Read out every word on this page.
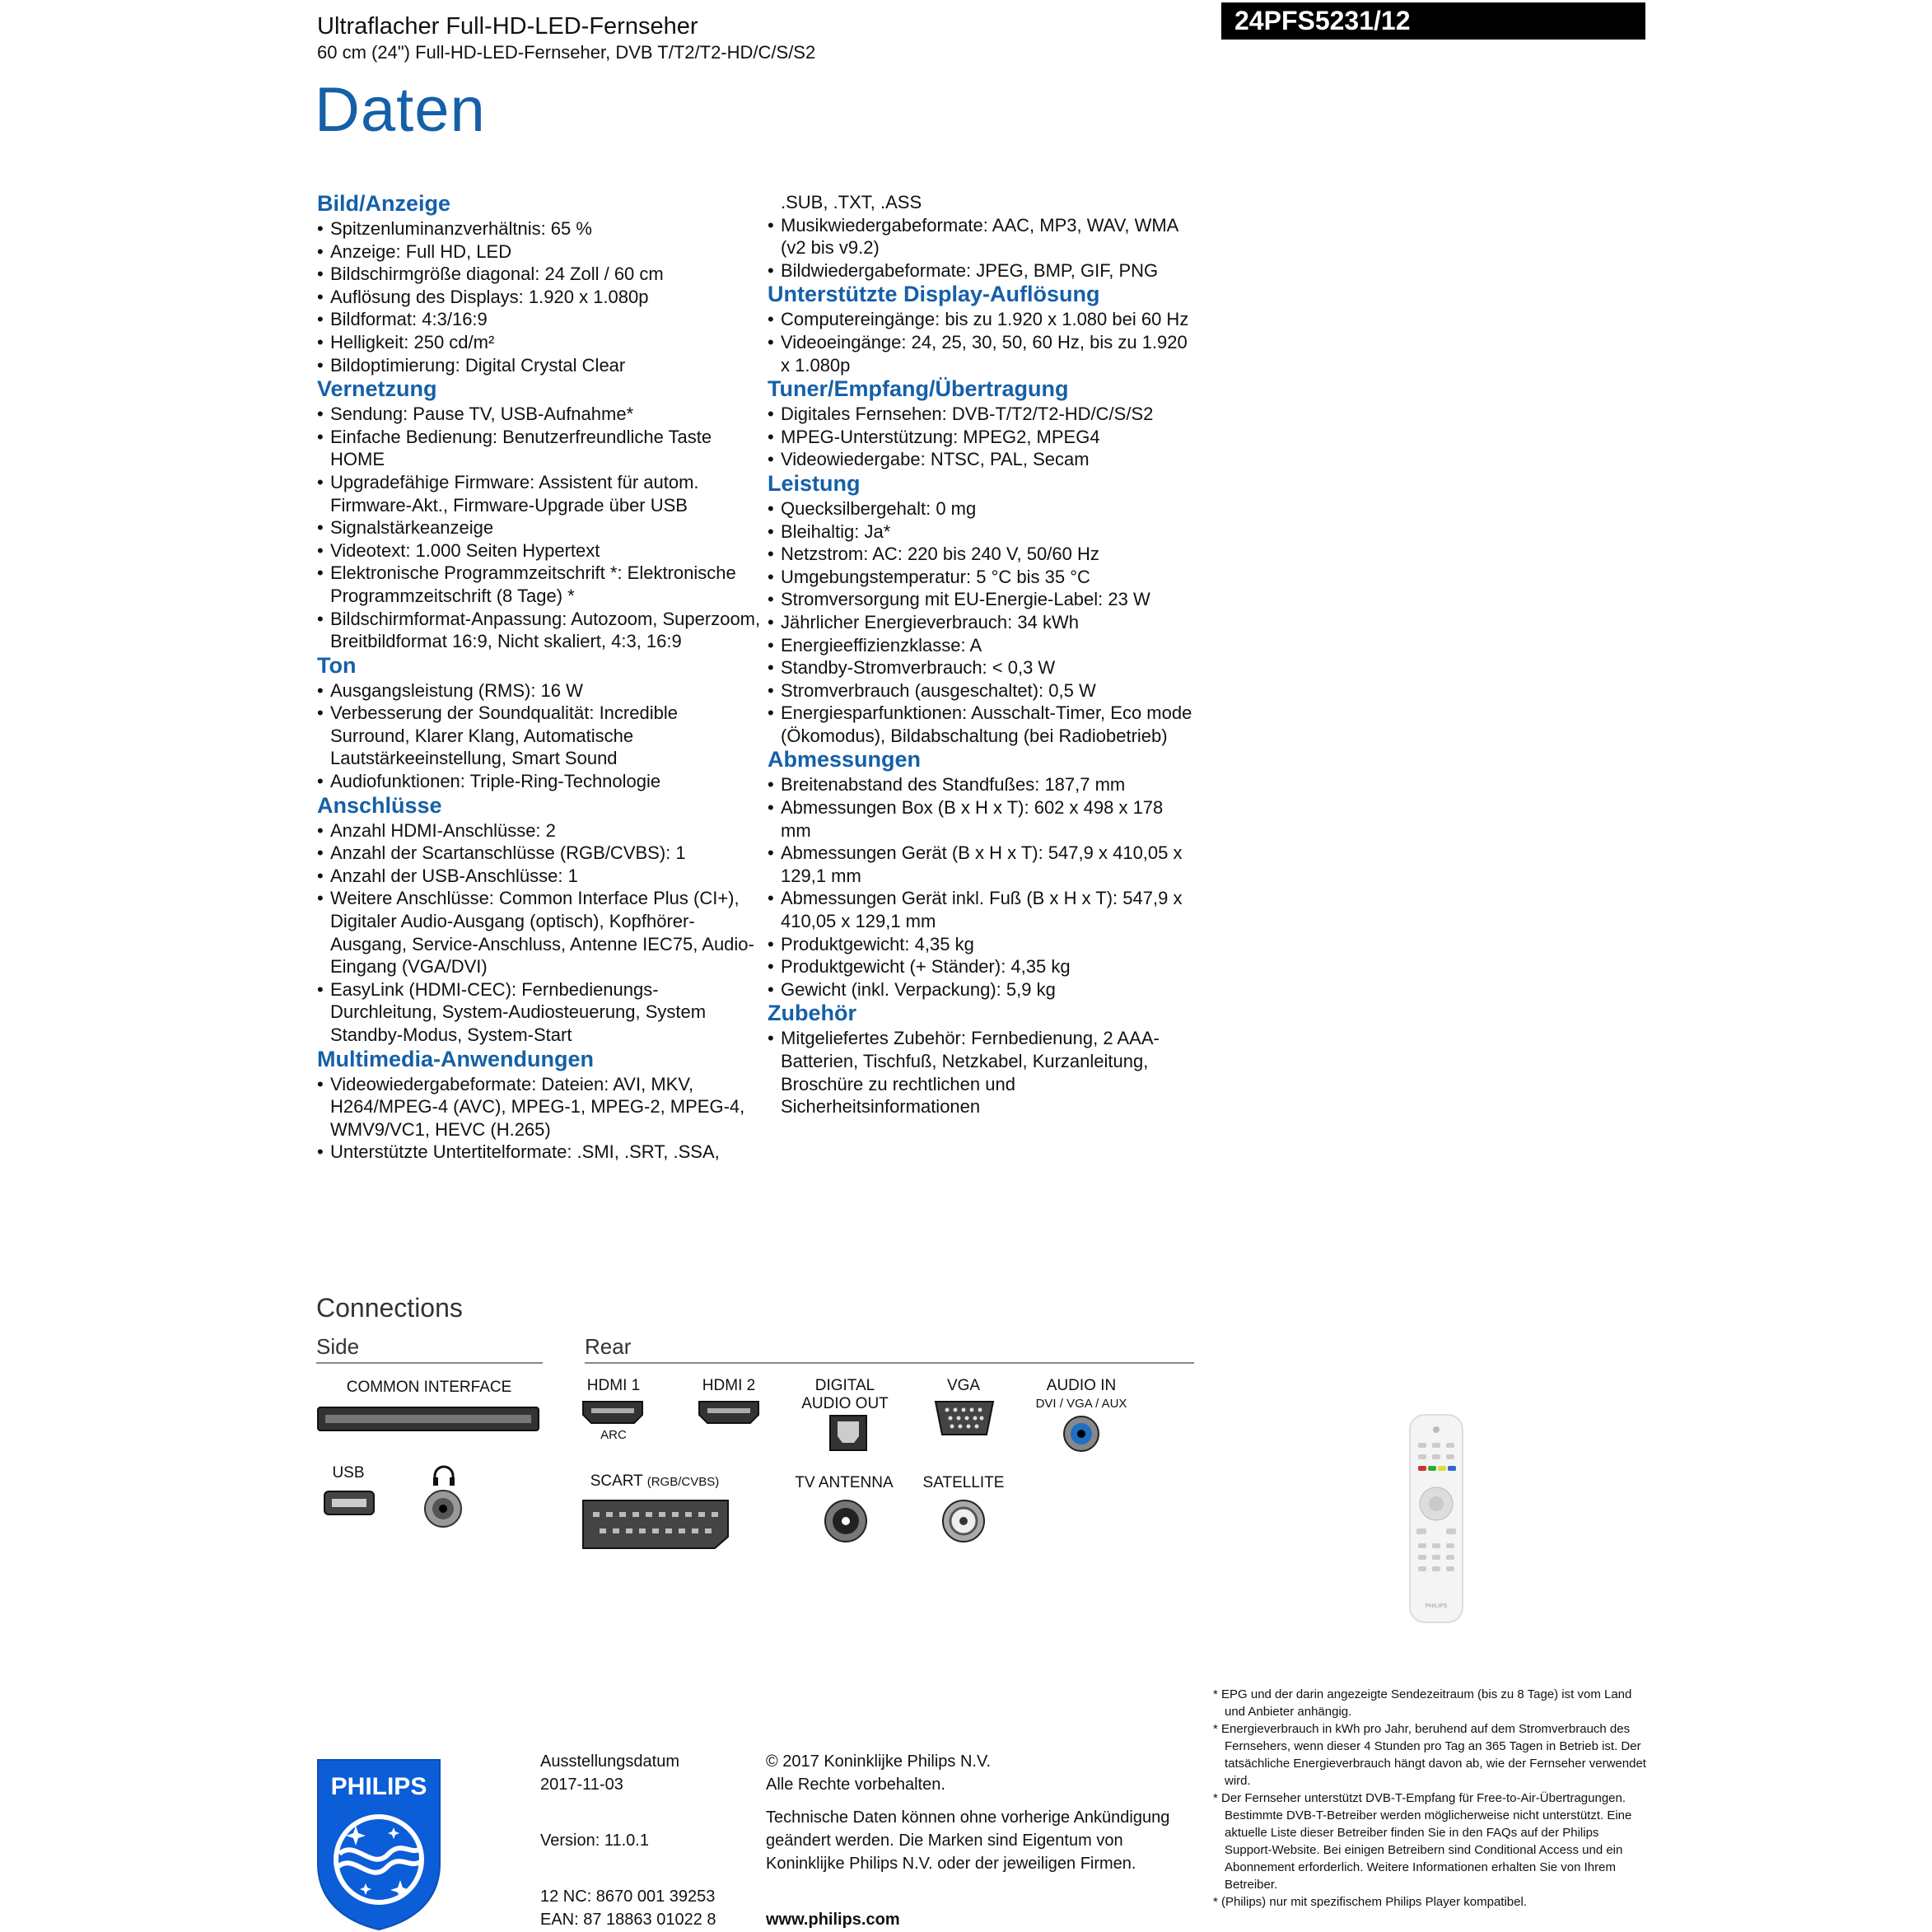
Ultraflacher Full-HD-LED-Fernseher
60 cm (24") Full-HD-LED-Fernseher, DVB T/T2/T2-HD/C/S/S2
24PFS5231/12
Daten
Bild/Anzeige
• Spitzenluminanzverhältnis: 65 %
• Anzeige: Full HD, LED
• Bildschirmgröße diagonal: 24 Zoll / 60 cm
• Auflösung des Displays: 1.920 x 1.080p
• Bildformat: 4:3/16:9
• Helligkeit: 250 cd/m²
• Bildoptimierung: Digital Crystal Clear
Vernetzung
• Sendung: Pause TV, USB-Aufnahme*
• Einfache Bedienung: Benutzerfreundliche Taste HOME
• Upgradefähige Firmware: Assistent für autom. Firmware-Akt., Firmware-Upgrade über USB
• Signalstärkeanzeige
• Videotext: 1.000 Seiten Hypertext
• Elektronische Programmzeitschrift *: Elektronische Programmzeitschrift (8 Tage) *
• Bildschirmformat-Anpassung: Autozoom, Superzoom, Breitbildformat 16:9, Nicht skaliert, 4:3, 16:9
Ton
• Ausgangsleistung (RMS): 16 W
• Verbesserung der Soundqualität: Incredible Surround, Klarer Klang, Automatische Lautstärkeeinstellung, Smart Sound
• Audiofunktionen: Triple-Ring-Technologie
Anschlüsse
• Anzahl HDMI-Anschlüsse: 2
• Anzahl der Scartanschlüsse (RGB/CVBS): 1
• Anzahl der USB-Anschlüsse: 1
• Weitere Anschlüsse: Common Interface Plus (CI+), Digitaler Audio-Ausgang (optisch), Kopfhörer-Ausgang, Service-Anschluss, Antenne IEC75, Audio-Eingang (VGA/DVI)
• EasyLink (HDMI-CEC): Fernbedienungs-Durchleitung, System-Audiosteuerung, System Standby-Modus, System-Start
Multimedia-Anwendungen
• Videowiedergabeformate: Dateien: AVI, MKV, H264/MPEG-4 (AVC), MPEG-1, MPEG-2, MPEG-4, WMV9/VC1, HEVC (H.265)
• Unterstützte Untertitelformate: .SMI, .SRT, .SSA,
.SUB, .TXT, .ASS
• Musikwiedergabeformate: AAC, MP3, WAV, WMA (v2 bis v9.2)
• Bildwiedergabeformate: JPEG, BMP, GIF, PNG
Unterstützte Display-Auflösung
• Computereingänge: bis zu 1.920 x 1.080 bei 60 Hz
• Videoeingänge: 24, 25, 30, 50, 60 Hz, bis zu 1.920 x 1.080p
Tuner/Empfang/Übertragung
• Digitales Fernsehen: DVB-T/T2/T2-HD/C/S/S2
• MPEG-Unterstützung: MPEG2, MPEG4
• Videowiedergabe: NTSC, PAL, Secam
Leistung
• Quecksilbergehalt: 0 mg
• Bleihaltig: Ja*
• Netzstrom: AC: 220 bis 240 V, 50/60 Hz
• Umgebungstemperatur: 5 °C bis 35 °C
• Stromversorgung mit EU-Energie-Label: 23 W
• Jährlicher Energieverbrauch: 34 kWh
• Energieeffizienzklasse: A
• Standby-Stromverbrauch: < 0,3 W
• Stromverbrauch (ausgeschaltet): 0,5 W
• Energiesparfunktionen: Ausschalt-Timer, Eco mode (Ökomodus), Bildabschaltung (bei Radiobetrieb)
Abmessungen
• Breitenabstand des Standfußes: 187,7 mm
• Abmessungen Box (B x H x T): 602 x 498 x 178 mm
• Abmessungen Gerät (B x H x T): 547,9 x 410,05 x 129,1 mm
• Abmessungen Gerät inkl. Fuß (B x H x T): 547,9 x 410,05 x 129,1 mm
• Produktgewicht: 4,35 kg
• Produktgewicht (+ Ständer): 4,35 kg
• Gewicht (inkl. Verpackung): 5,9 kg
Zubehör
• Mitgeliefertes Zubehör: Fernbedienung, 2 AAA-Batterien, Tischfuß, Netzkabel, Kurzanleitung, Broschüre zu rechtlichen und Sicherheitsinformationen
Connections
Side	Rear
COMMON INTERFACE
USB
HDMI 1
ARC
HDMI 2	DIGITAL
AUDIO OUT
VGA	AUDIO IN
DVI / VGA / AUX
SCART (RGB/CVBS)	TV ANTENNA	SATELLITE
PHILIPS

* EPG und der darin angezeigte Sendezeitraum (bis zu 8 Tage) ist vom Land und Anbieter anhängig.

* Energieverbrauch in kWh pro Jahr, beruhend auf dem Stromverbrauch des Fernsehers, wenn dieser 4 Stunden pro Tag an 365 Tagen in Betrieb ist. Der tatsächliche Energieverbrauch hängt davon ab, wie der Fernseher verwendet wird.

* Der Fernseher unterstützt DVB-T-Empfang für Free-to-Air-Übertragungen. Bestimmte DVB-T-Betreiber werden möglicherweise nicht unterstützt. Eine aktuelle Liste dieser Betreiber finden Sie in den FAQs auf der Philips Support-Website. Bei einigen Betreibern sind Conditional Access und ein Abonnement erforderlich. Weitere Informationen erhalten Sie von Ihrem Betreiber.

* (Philips) nur mit spezifischem Philips Player kompatibel.

PHILIPS
Ausstellungsdatum
2017-11-03
Version: 11.0.1
12 NC: 8670 001 39253
EAN: 87 18863 01022 8
© 2017 Koninklijke Philips N.V.
Alle Rechte vorbehalten.
Technische Daten können ohne vorherige Ankündigung geändert werden. Die Marken sind Eigentum von Koninklijke Philips N.V. oder der jeweiligen Firmen.
www.philips.com
